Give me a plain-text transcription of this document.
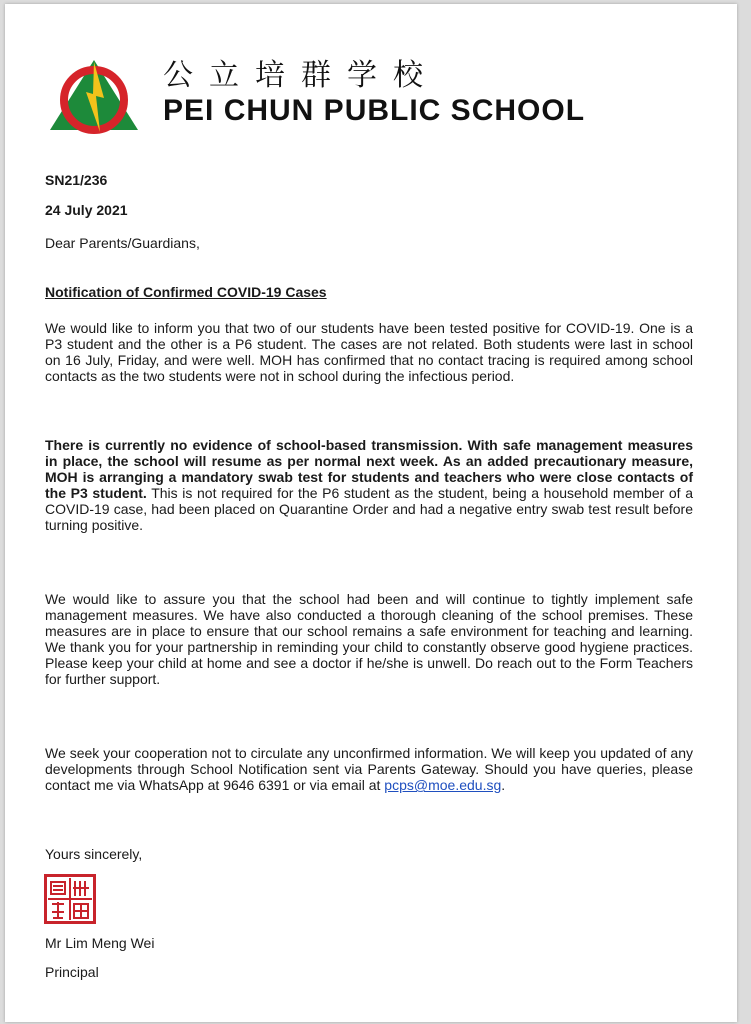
公立培群学校
PEI CHUN PUBLIC SCHOOL
SN21/236
24 July 2021
Dear Parents/Guardians,
Notification of Confirmed COVID-19 Cases

We would like to inform you that two of our students have been tested positive for COVID-19. One is a P3 student and the other is a P6 student. The cases are not related. Both students were last in school on 16 July, Friday, and were well. MOH has confirmed that no contact tracing is required among school contacts as the two students were not in school during the infectious period.

There is currently no evidence of school-based transmission. With safe management measures in place, the school will resume as per normal next week. As an added precautionary measure, MOH is arranging a mandatory swab test for students and teachers who were close contacts of the P3 student. This is not required for the P6 student as the student, being a household member of a COVID-19 case, had been placed on Quarantine Order and had a negative entry swab test result before turning positive.

We would like to assure you that the school had been and will continue to tightly implement safe management measures. We have also conducted a thorough cleaning of the school premises. These measures are in place to ensure that our school remains a safe environment for teaching and learning. We thank you for your partnership in reminding your child to constantly observe good hygiene practices. Please keep your child at home and see a doctor if he/she is unwell. Do reach out to the Form Teachers for further support.

We seek your cooperation not to circulate any unconfirmed information. We will keep you updated of any developments through School Notification sent via Parents Gateway. Should you have queries, please contact me via WhatsApp at 9646 6391 or via email at pcps@moe.edu.sg.

Yours sincerely,
Mr Lim Meng Wei
Principal
